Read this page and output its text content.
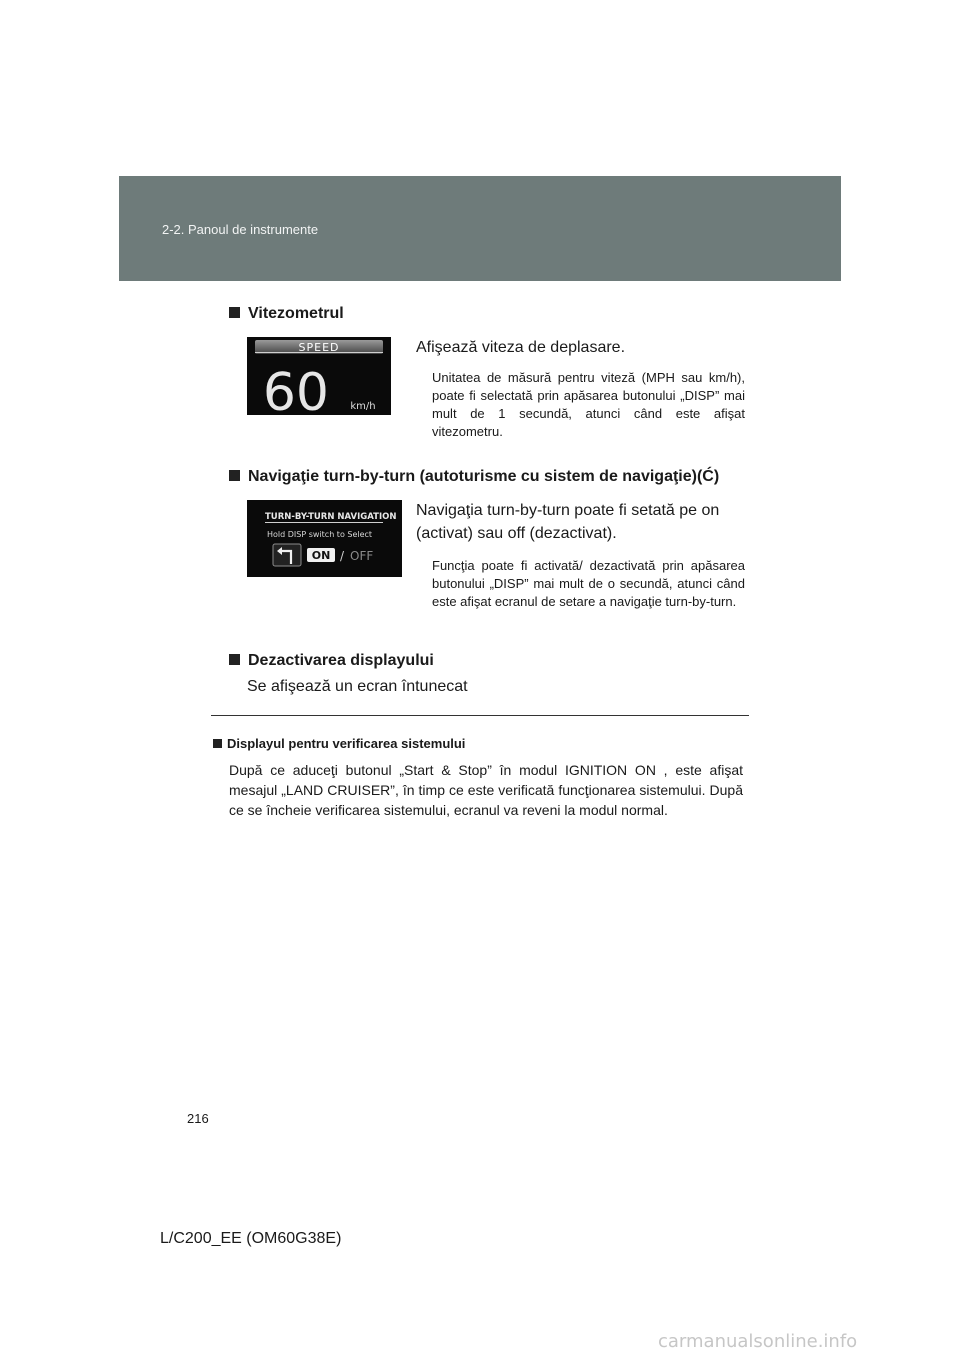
2-2. Panoul de instrumente
Vitezometrul
SPEED
60 km/h
Afişează viteza de deplasare.
Unitatea de măsură pentru viteză (MPH sau km/h), poate fi selectată prin apăsarea butonului „DISP” mai mult de 1 secundă, atunci când este afişat vitezometru.
Navigaţie turn-by-turn (autoturisme cu sistem de navigaţie)(Ć)
TURN-BY-TURN NAVIGATION
Hold DISP switch to Select
ON / OFF
Navigaţia turn-by-turn poate fi setată pe on (activat) sau off (dezactivat).
Funcţia poate fi activată/ dezactivată prin apăsarea butonului „DISP” mai mult de o secundă, atunci când este afişat ecranul de setare a navigaţie turn-by-turn.
Dezactivarea displayului
Se afişează un ecran întunecat
Displayul pentru verificarea sistemului
După ce aduceţi butonul „Start & Stop” în modul IGNITION ON , este afişat mesajul „LAND CRUISER”, în timp ce este verificată funcţionarea sistemului. După ce se încheie verificarea sistemului, ecranul va reveni la modul normal.
216
L/C200_EE (OM60G38E)
carmanualsonline.info
